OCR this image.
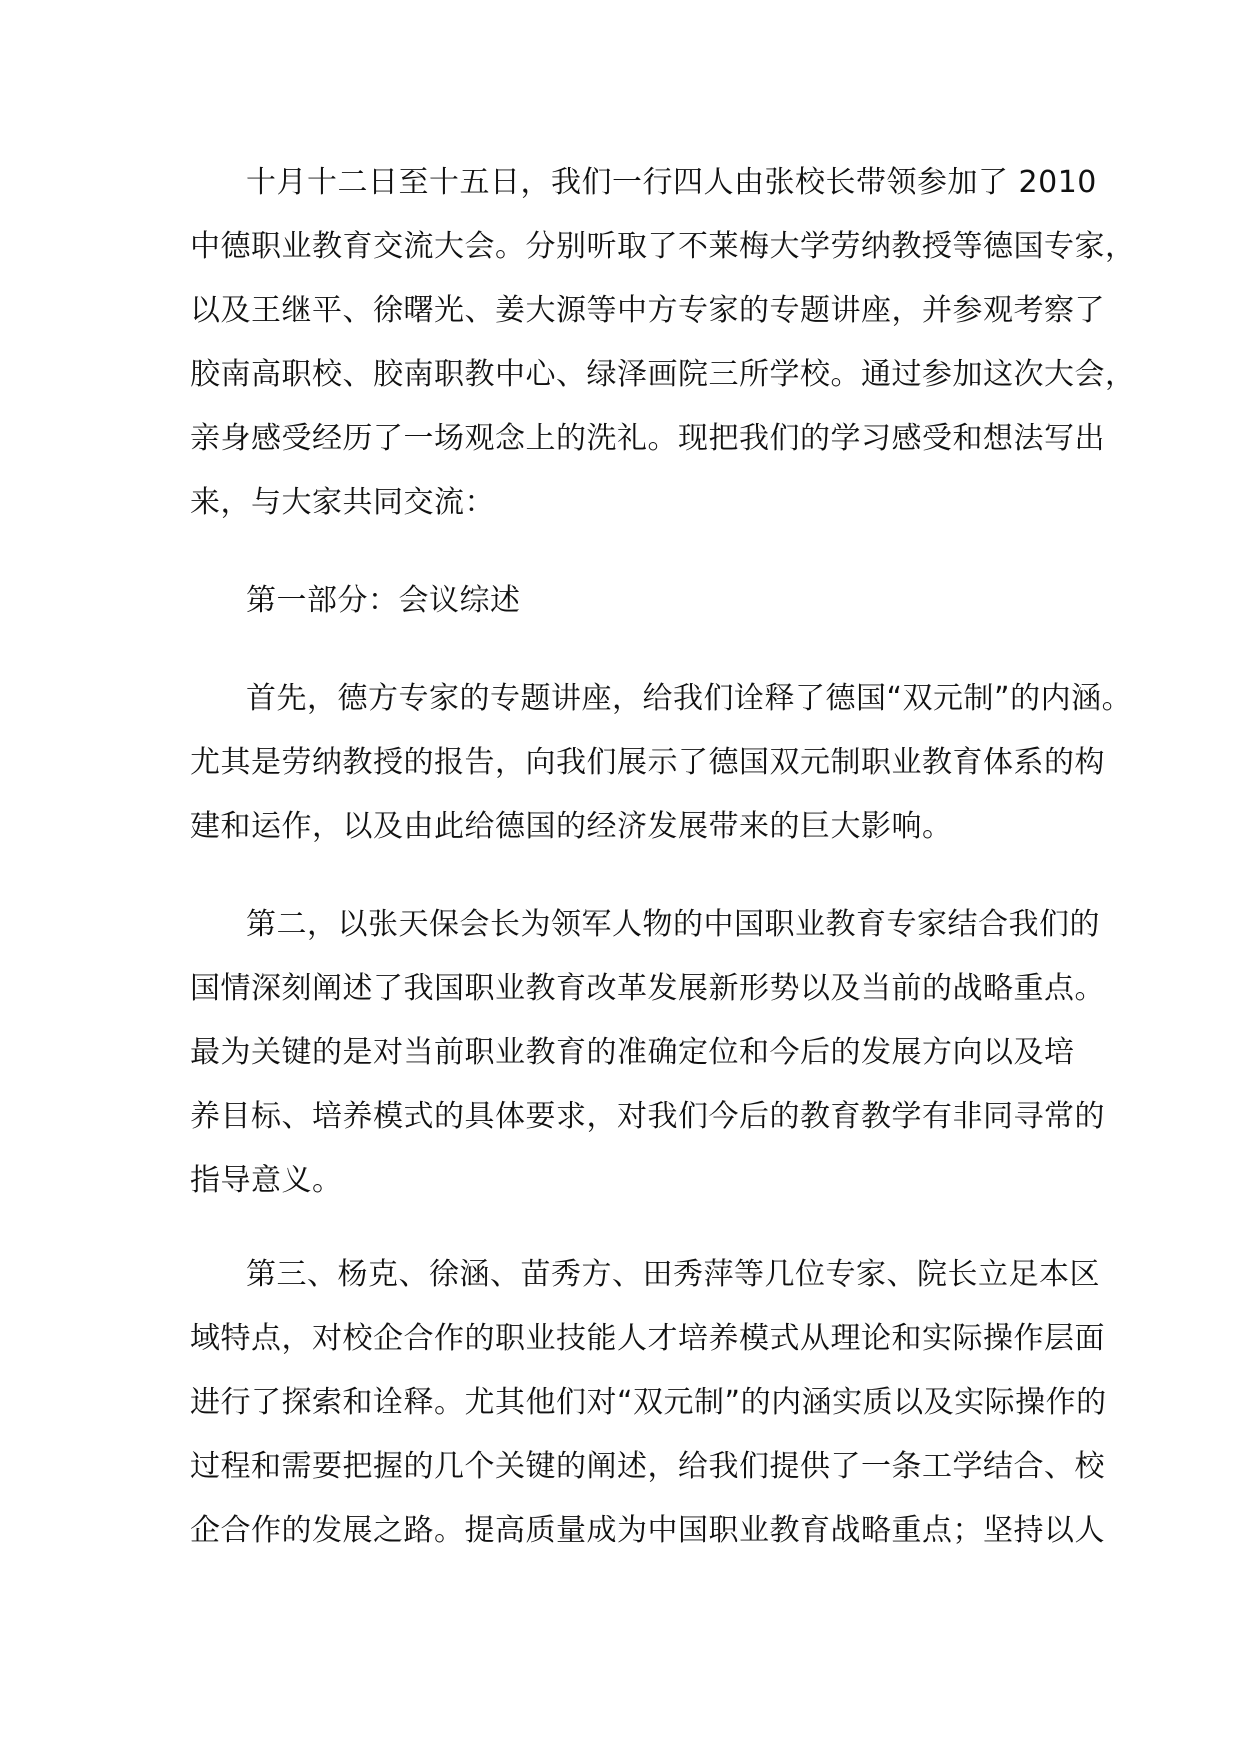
十月十二日至十五日，我们一行四人由张校长带领参加了 2010
中德职业教育交流大会。分别听取了不莱梅大学劳纳教授等德国专家，
以及王继平、徐曙光、姜大源等中方专家的专题讲座，并参观考察了
胶南高职校、胶南职教中心、绿泽画院三所学校。通过参加这次大会，
亲身感受经历了一场观念上的洗礼。现把我们的学习感受和想法写出
来，与大家共同交流：
第一部分：会议综述
首先，德方专家的专题讲座，给我们诠释了德国“双元制”的内涵。
尤其是劳纳教授的报告，向我们展示了德国双元制职业教育体系的构
建和运作，以及由此给德国的经济发展带来的巨大影响。
第二，以张天保会长为领军人物的中国职业教育专家结合我们的
国情深刻阐述了我国职业教育改革发展新形势以及当前的战略重点。
最为关键的是对当前职业教育的准确定位和今后的发展方向以及培
养目标、培养模式的具体要求，对我们今后的教育教学有非同寻常的
指导意义。
第三、杨克、徐涵、苗秀方、田秀萍等几位专家、院长立足本区
域特点，对校企合作的职业技能人才培养模式从理论和实际操作层面
进行了探索和诠释。尤其他们对“双元制”的内涵实质以及实际操作的
过程和需要把握的几个关键的阐述，给我们提供了一条工学结合、校
企合作的发展之路。提高质量成为中国职业教育战略重点；坚持以人
